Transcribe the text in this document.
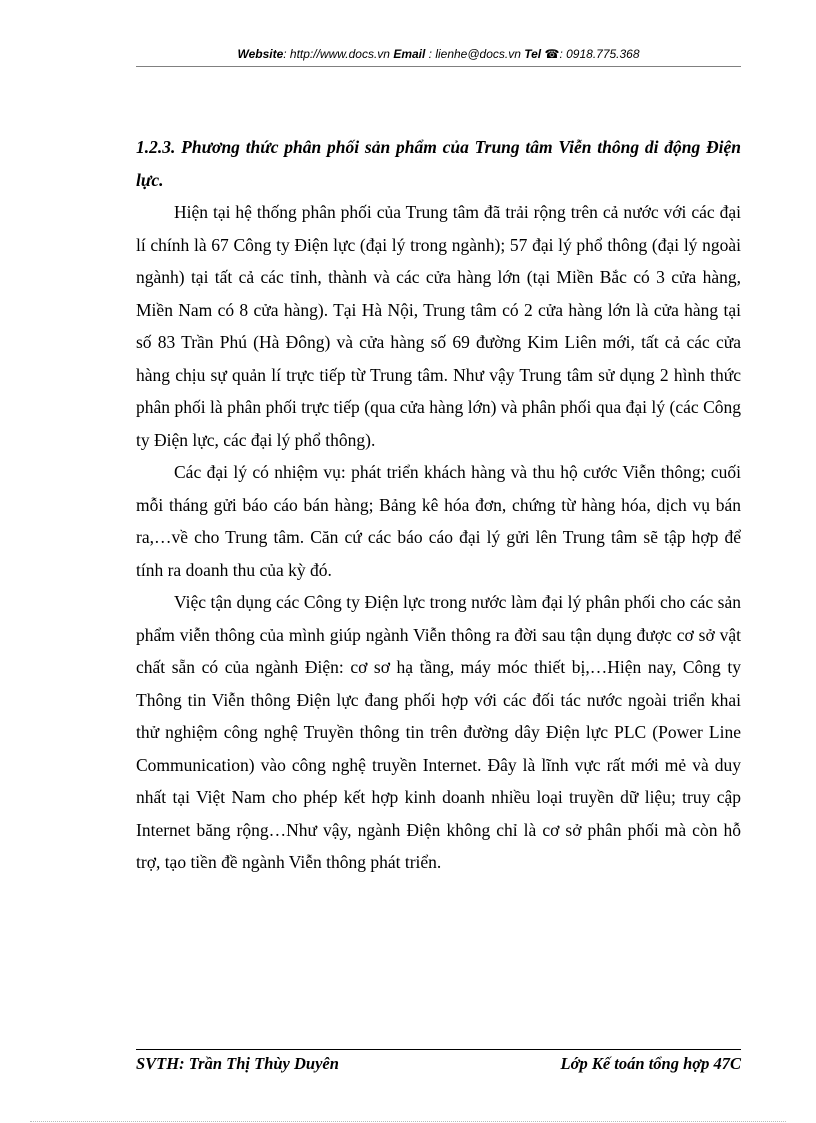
Website: http://www.docs.vn Email : lienhe@docs.vn Tel ☎: 0918.775.368
1.2.3. Phương thức phân phối sản phẩm của Trung tâm Viễn thông di động Điện lực.

Hiện tại hệ thống phân phối của Trung tâm đã trải rộng trên cả nước với các đại lí chính là 67 Công ty Điện lực (đại lý trong ngành); 57 đại lý phổ thông (đại lý ngoài ngành) tại tất cả các tỉnh, thành và các cửa hàng lớn (tại Miền Bắc có 3 cửa hàng, Miền Nam có 8 cửa hàng). Tại Hà Nội, Trung tâm có 2 cửa hàng lớn là cửa hàng tại số 83 Trần Phú (Hà Đông) và cửa hàng số 69 đường Kim Liên mới, tất cả các cửa hàng chịu sự quản lí trực tiếp từ Trung tâm. Như vậy Trung tâm sử dụng 2 hình thức phân phối là phân phối trực tiếp (qua cửa hàng lớn) và phân phối qua đại lý (các Công ty Điện lực, các đại lý phổ thông).

Các đại lý có nhiệm vụ: phát triển khách hàng và thu hộ cước Viễn thông; cuối mỗi tháng gửi báo cáo bán hàng; Bảng kê hóa đơn, chứng từ hàng hóa, dịch vụ bán ra,…về cho Trung tâm. Căn cứ các báo cáo đại lý gửi lên Trung tâm sẽ tập hợp để tính ra doanh thu của kỳ đó.

Việc tận dụng các Công ty Điện lực trong nước làm đại lý phân phối cho các sản phẩm viễn thông của mình giúp ngành Viễn thông ra đời sau tận dụng được cơ sở vật chất sẵn có của ngành Điện: cơ sơ hạ tầng, máy móc thiết bị,…Hiện nay, Công ty Thông tin Viễn thông Điện lực đang phối hợp với các đối tác nước ngoài triển khai thử nghiệm công nghệ Truyền thông tin trên đường dây Điện lực PLC (Power Line Communication) vào công nghệ truyền Internet. Đây là lĩnh vực rất mới mẻ và duy nhất tại Việt Nam cho phép kết hợp kinh doanh nhiều loại truyền dữ liệu; truy cập Internet băng rộng…Như vậy, ngành Điện không chỉ là cơ sở phân phối mà còn hỗ trợ, tạo tiền đề ngành Viễn thông phát triển.

SVTH: Trần Thị Thùy Duyên	Lớp Kế toán tổng hợp 47C
